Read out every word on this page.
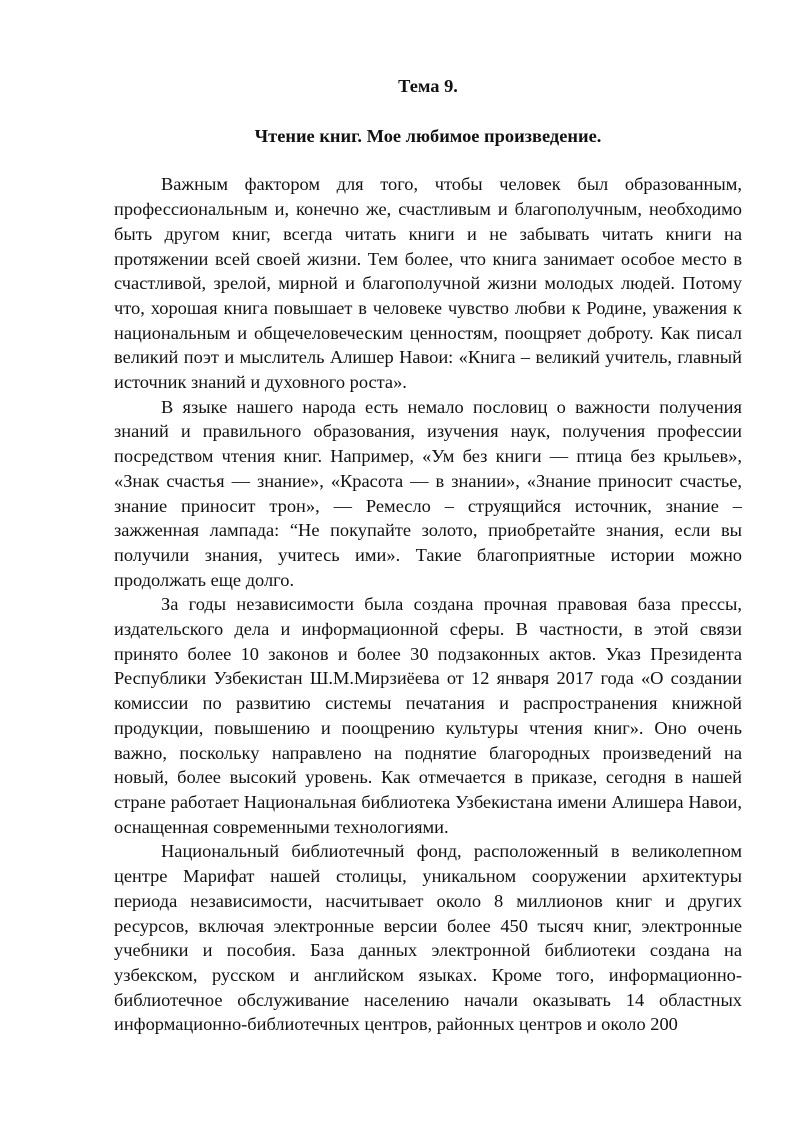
Тема 9.

Чтение книг. Мое любимое произведение.

Важным фактором для того, чтобы человек был образованным, профессиональным и, конечно же, счастливым и благополучным, необходимо быть другом книг, всегда читать книги и не забывать читать книги на протяжении всей своей жизни. Тем более, что книга занимает особое место в счастливой, зрелой, мирной и благополучной жизни молодых людей. Потому что, хорошая книга повышает в человеке чувство любви к Родине, уважения к национальным и общечеловеческим ценностям, поощряет доброту. Как писал великий поэт и мыслитель Алишер Навои: «Книга – великий учитель, главный источник знаний и духовного роста».

В языке нашего народа есть немало пословиц о важности получения знаний и правильного образования, изучения наук, получения профессии посредством чтения книг. Например, «Ум без книги — птица без крыльев», «Знак счастья — знание», «Красота — в знании», «Знание приносит счастье, знание приносит трон», — Ремесло – струящийся источник, знание – зажженная лампада: “Не покупайте золото, приобретайте знания, если вы получили знания, учитесь ими». Такие благоприятные истории можно продолжать еще долго.

За годы независимости была создана прочная правовая база прессы, издательского дела и информационной сферы. В частности, в этой связи принято более 10 законов и более 30 подзаконных актов. Указ Президента Республики Узбекистан Ш.М.Мирзиёева от 12 января 2017 года «О создании комиссии по развитию системы печатания и распространения книжной продукции, повышению и поощрению культуры чтения книг». Оно очень важно, поскольку направлено на поднятие благородных произведений на новый, более высокий уровень. Как отмечается в приказе, сегодня в нашей стране работает Национальная библиотека Узбекистана имени Алишера Навои, оснащенная современными технологиями.

Национальный библиотечный фонд, расположенный в великолепном центре Марифат нашей столицы, уникальном сооружении архитектуры периода независимости, насчитывает около 8 миллионов книг и других ресурсов, включая электронные версии более 450 тысяч книг, электронные учебники и пособия. База данных электронной библиотеки создана на узбекском, русском и английском языках. Кроме того, информационно-библиотечное обслуживание населению начали оказывать 14 областных информационно-библиотечных центров, районных центров и около 200
